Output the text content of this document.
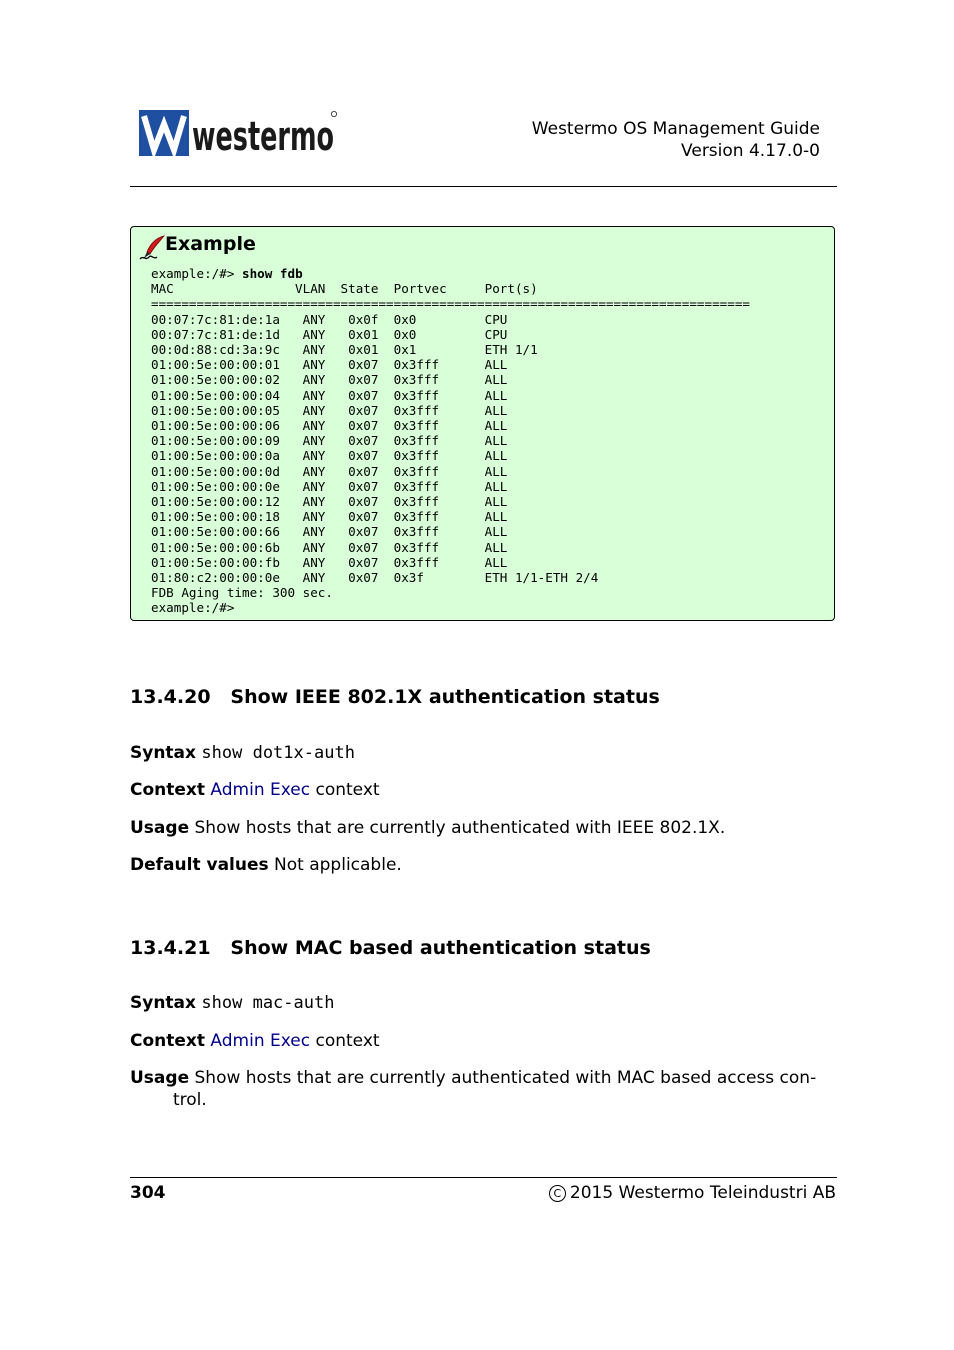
westermo	Westermo OS Management Guide
Version 4.17.0-0
Example
example:/#> show fdb
MAC                VLAN  State  Portvec     Port(s)
===============================================================================
00:07:7c:81:de:1a   ANY   0x0f  0x0         CPU
00:07:7c:81:de:1d   ANY   0x01  0x0         CPU
00:0d:88:cd:3a:9c   ANY   0x01  0x1         ETH 1/1
01:00:5e:00:00:01   ANY   0x07  0x3fff      ALL
01:00:5e:00:00:02   ANY   0x07  0x3fff      ALL
01:00:5e:00:00:04   ANY   0x07  0x3fff      ALL
01:00:5e:00:00:05   ANY   0x07  0x3fff      ALL
01:00:5e:00:00:06   ANY   0x07  0x3fff      ALL
01:00:5e:00:00:09   ANY   0x07  0x3fff      ALL
01:00:5e:00:00:0a   ANY   0x07  0x3fff      ALL
01:00:5e:00:00:0d   ANY   0x07  0x3fff      ALL
01:00:5e:00:00:0e   ANY   0x07  0x3fff      ALL
01:00:5e:00:00:12   ANY   0x07  0x3fff      ALL
01:00:5e:00:00:18   ANY   0x07  0x3fff      ALL
01:00:5e:00:00:66   ANY   0x07  0x3fff      ALL
01:00:5e:00:00:6b   ANY   0x07  0x3fff      ALL
01:00:5e:00:00:fb   ANY   0x07  0x3fff      ALL
01:80:c2:00:00:0e   ANY   0x07  0x3f        ETH 1/1-ETH 2/4
FDB Aging time: 300 sec.
example:/#>
13.4.20 Show IEEE 802.1X authentication status
Syntax show dot1x-auth
Context Admin Exec context
Usage Show hosts that are currently authenticated with IEEE 802.1X.
Default values Not applicable.
13.4.21 Show MAC based authentication status
Syntax show mac-auth
Context Admin Exec context
Usage Show hosts that are currently authenticated with MAC based access con-
trol.
304	C 2015 Westermo Teleindustri AB
